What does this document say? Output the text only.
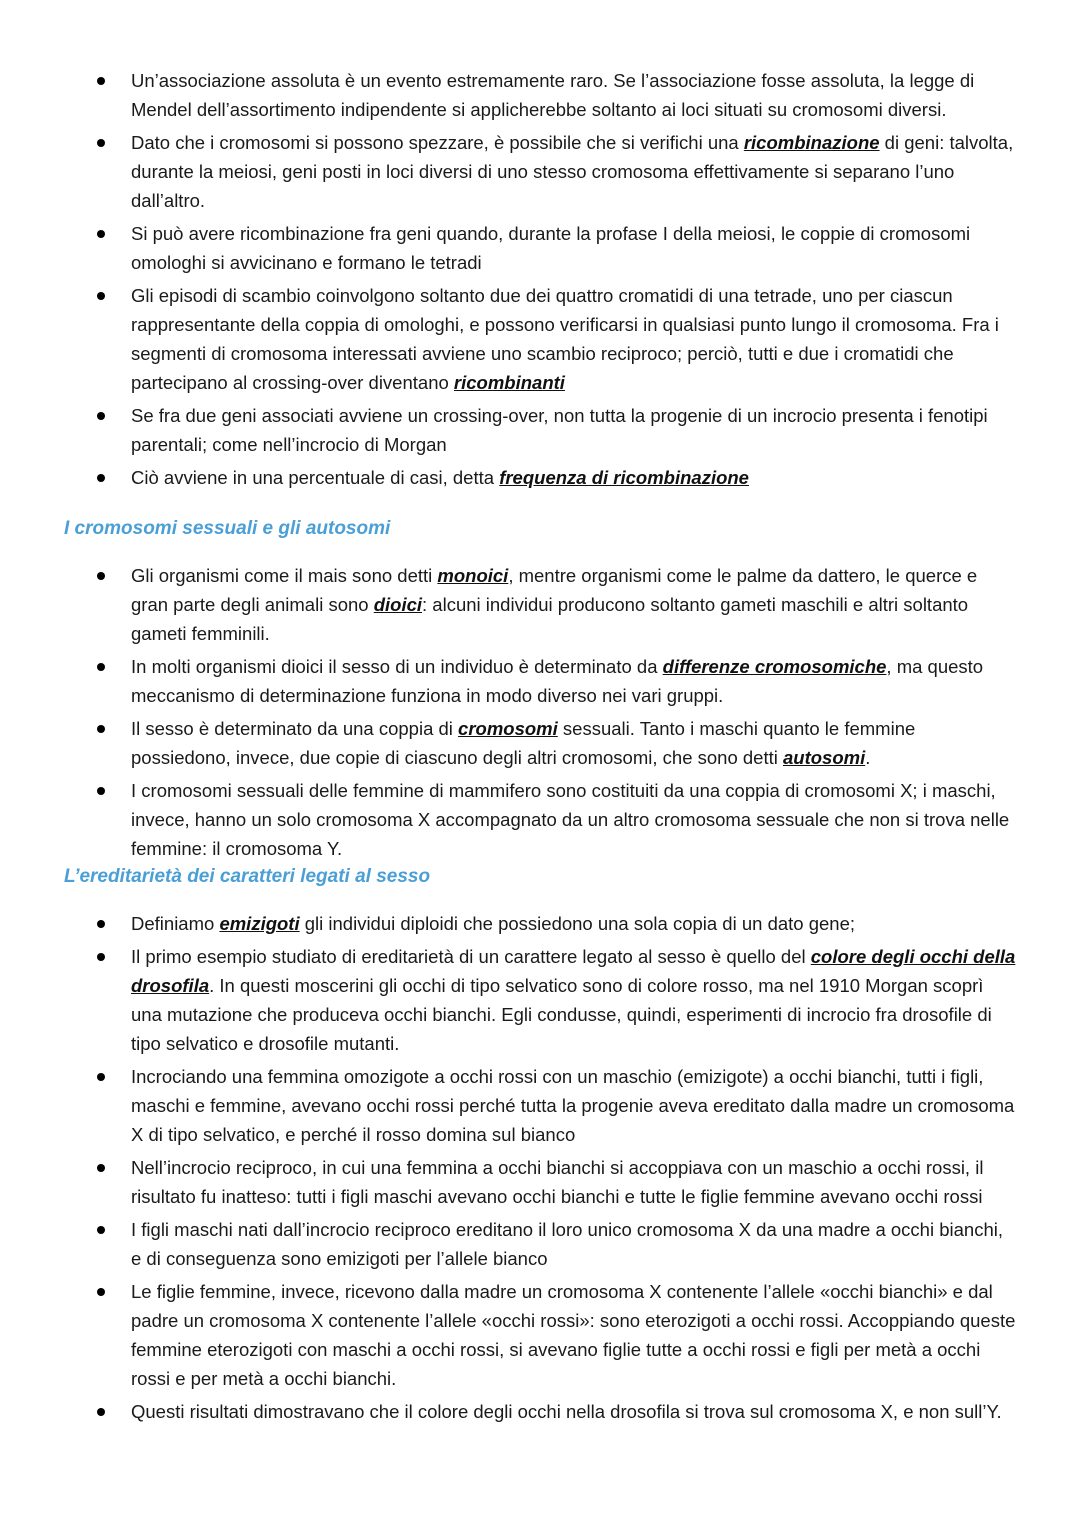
Un’associazione assoluta è un evento estremamente raro. Se l’associazione fosse assoluta, la legge di Mendel dell’assortimento indipendente si applicherebbe soltanto ai loci situati su cromosomi diversi.
Dato che i cromosomi si possono spezzare, è possibile che si verifichi una ricombinazione di geni: talvolta, durante la meiosi, geni posti in loci diversi di uno stesso cromosoma effettivamente si separano l’uno dall’altro.
Si può avere ricombinazione fra geni quando, durante la profase I della meiosi, le coppie di cromosomi omologhi si avvicinano e formano le tetradi
Gli episodi di scambio coinvolgono soltanto due dei quattro cromatidi di una tetrade, uno per ciascun rappresentante della coppia di omologhi, e possono verificarsi in qualsiasi punto lungo il cromosoma. Fra i segmenti di cromosoma interessati avviene uno scambio reciproco; perciò, tutti e due i cromatidi che partecipano al crossing-over diventano ricombinanti
Se fra due geni associati avviene un crossing-over, non tutta la progenie di un incrocio presenta i fenotipi parentali; come nell’incrocio di Morgan
Ciò avviene in una percentuale di casi, detta frequenza di ricombinazione
I cromosomi sessuali e gli autosomi
Gli organismi come il mais sono detti monoici, mentre organismi come le palme da dattero, le querce e gran parte degli animali sono dioici: alcuni individui producono soltanto gameti maschili e altri soltanto gameti femminili.
In molti organismi dioici il sesso di un individuo è determinato da differenze cromosomiche, ma questo meccanismo di determinazione funziona in modo diverso nei vari gruppi.
Il sesso è determinato da una coppia di cromosomi sessuali. Tanto i maschi quanto le femmine possiedono, invece, due copie di ciascuno degli altri cromosomi, che sono detti autosomi.
I cromosomi sessuali delle femmine di mammifero sono costituiti da una coppia di cromosomi X; i maschi, invece, hanno un solo cromosoma X accompagnato da un altro cromosoma sessuale che non si trova nelle femmine: il cromosoma Y.
L’ereditarietà dei caratteri legati al sesso
Definiamo emizigoti gli individui diploidi che possiedono una sola copia di un dato gene;
Il primo esempio studiato di ereditarietà di un carattere legato al sesso è quello del colore degli occhi della drosofila. In questi moscerini gli occhi di tipo selvatico sono di colore rosso, ma nel 1910 Morgan scoprì una mutazione che produceva occhi bianchi. Egli condusse, quindi, esperimenti di incrocio fra drosofile di tipo selvatico e drosofile mutanti.
Incrociando una femmina omozigote a occhi rossi con un maschio (emizigote) a occhi bianchi, tutti i figli, maschi e femmine, avevano occhi rossi perché tutta la progenie aveva ereditato dalla madre un cromosoma X di tipo selvatico, e perché il rosso domina sul bianco
Nell’incrocio reciproco, in cui una femmina a occhi bianchi si accoppiava con un maschio a occhi rossi, il risultato fu inatteso: tutti i figli maschi avevano occhi bianchi e tutte le figlie femmine avevano occhi rossi
I figli maschi nati dall’incrocio reciproco ereditano il loro unico cromosoma X da una madre a occhi bianchi, e di conseguenza sono emizigoti per l’allele bianco
Le figlie femmine, invece, ricevono dalla madre un cromosoma X contenente l’allele «occhi bianchi» e dal padre un cromosoma X contenente l’allele «occhi rossi»: sono eterozigoti a occhi rossi. Accoppiando queste femmine eterozigoti con maschi a occhi rossi, si avevano figlie tutte a occhi rossi e figli per metà a occhi rossi e per metà a occhi bianchi.
Questi risultati dimostravano che il colore degli occhi nella drosofila si trova sul cromosoma X, e non sull’Y.
